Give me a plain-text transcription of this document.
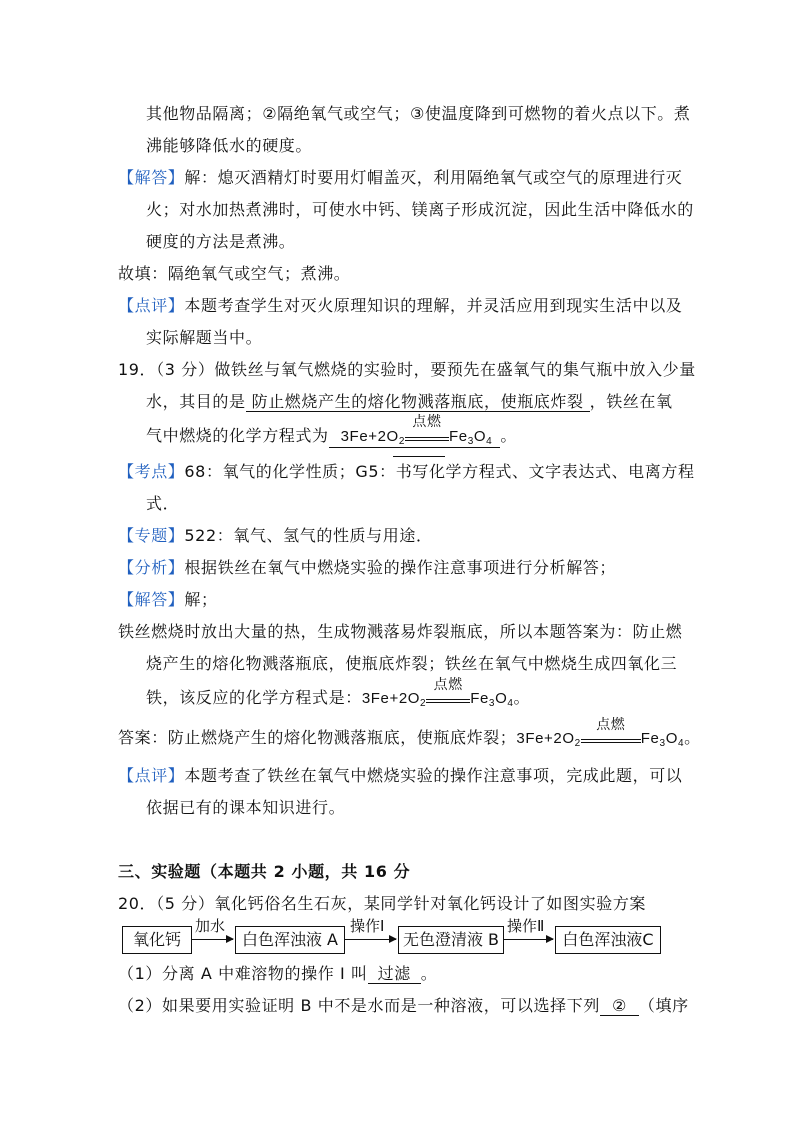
其他物品隔离；②隔绝氧气或空气；③使温度降到可燃物的着火点以下。煮
沸能够降低水的硬度。
【解答】解：熄灭酒精灯时要用灯帽盖灭，利用隔绝氧气或空气的原理进行灭
火；对水加热煮沸时，可使水中钙、镁离子形成沉淀，因此生活中降低水的
硬度的方法是煮沸。
故填：隔绝氧气或空气；煮沸。
【点评】本题考查学生对灭火原理知识的理解，并灵活应用到现实生活中以及
实际解题当中。
19．（3 分）做铁丝与氧气燃烧的实验时，要预先在盛氧气的集气瓶中放入少量
水，其目的是 防止燃烧产生的熔化物溅落瓶底，使瓶底炸裂 ，铁丝在氧
气中燃烧的化学方程式为 $3Fe+2O_2$
点燃
$Fe_3O_4$ 。
【考点】68：氧气的化学性质；G5：书写化学方程式、文字表达式、电离方程
式．
【专题】522：氧气、氢气的性质与用途．
【分析】根据铁丝在氧气中燃烧实验的操作注意事项进行分析解答；
【解答】解；
铁丝燃烧时放出大量的热，生成物溅落易炸裂瓶底，所以本题答案为：防止燃
烧产生的熔化物溅落瓶底，使瓶底炸裂；铁丝在氧气中燃烧生成四氧化三
铁，该反应的化学方程式是：$3Fe+2O_2$
点燃
$Fe_3O_4$。
答案：防止燃烧产生的熔化物溅落瓶底，使瓶底炸裂；$3Fe+2O_2$
点燃
$Fe_3O_4$。
【点评】本题考查了铁丝在氧气中燃烧实验的操作注意事项，完成此题，可以
依据已有的课本知识进行。
三、实验题（本题共 2 小题，共 16 分
20．（5 分）氧化钙俗名生石灰，某同学针对氧化钙设计了如图实验方案
氧化钙
加水
白色浑浊液 A
操作Ⅰ
无色澄清液 B
操作Ⅱ
白色浑浊液C
（1）分离 A 中难溶物的操作 I 叫 过滤 。
（2）如果要用实验证明 B 中不是水而是一种溶液，可以选择下列 ② （填序
